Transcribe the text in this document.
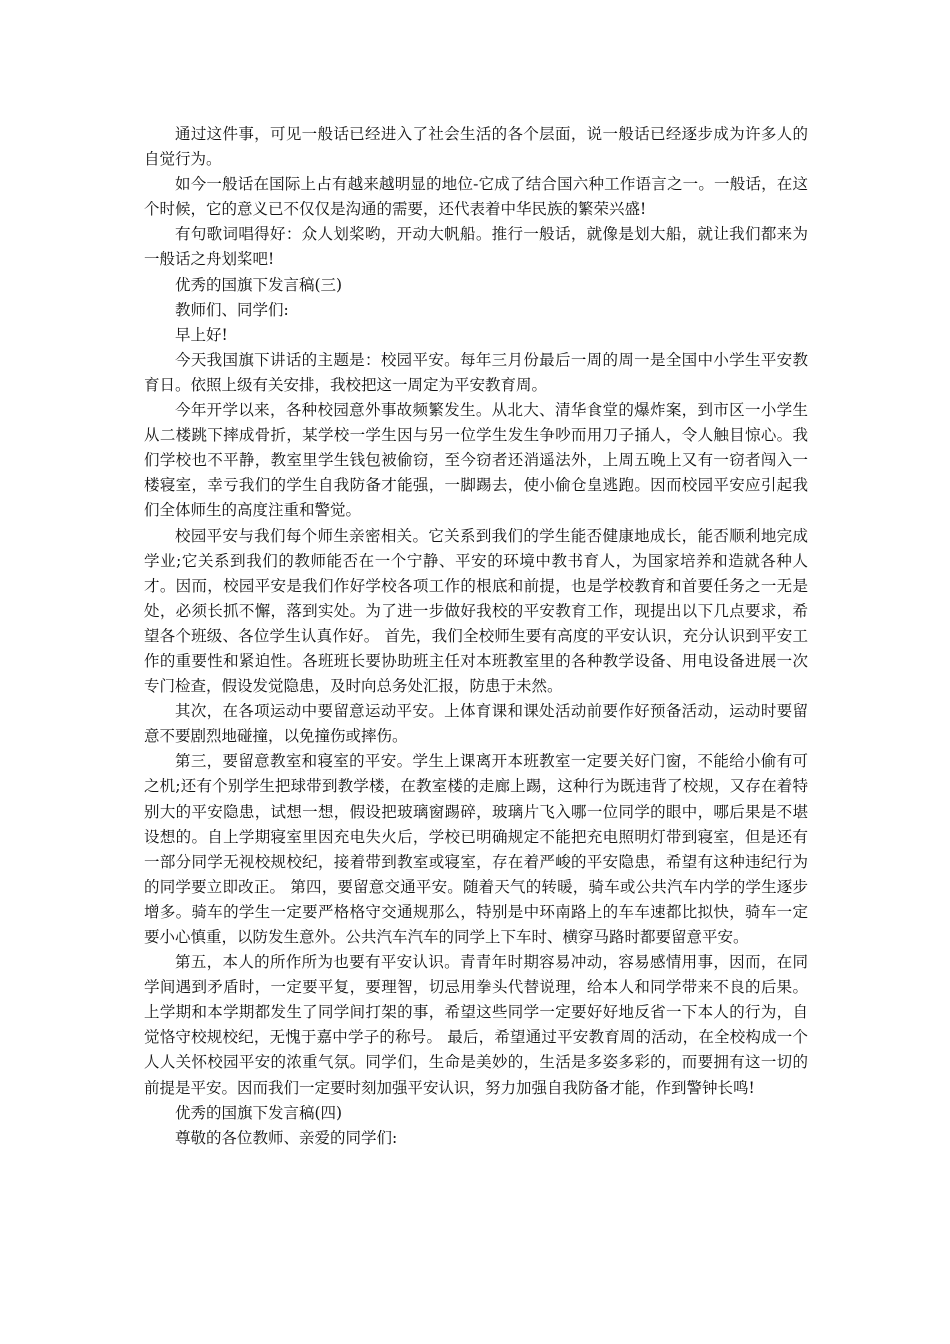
通过这件事，可见一般话已经进入了社会生活的各个层面，说一般话已经逐步成为许多人的自觉行为。

如今一般话在国际上占有越来越明显的地位-它成了结合国六种工作语言之一。一般话，在这个时候，它的意义已不仅仅是沟通的需要，还代表着中华民族的繁荣兴盛!

有句歌词唱得好：众人划桨哟，开动大帆船。推行一般话，就像是划大船，就让我们都来为一般话之舟划桨吧!

优秀的国旗下发言稿(三)

教师们、同学们:

早上好!

今天我国旗下讲话的主题是：校园平安。每年三月份最后一周的周一是全国中小学生平安教育日。依照上级有关安排，我校把这一周定为平安教育周。

今年开学以来，各种校园意外事故频繁发生。从北大、清华食堂的爆炸案，到市区一小学生从二楼跳下摔成骨折，某学校一学生因与另一位学生发生争吵而用刀子捅人，令人触目惊心。我们学校也不平静，教室里学生钱包被偷窃，至今窃者还消遥法外，上周五晚上又有一窃者闯入一楼寝室，幸亏我们的学生自我防备才能强，一脚踢去，使小偷仓皇逃跑。因而校园平安应引起我们全体师生的高度注重和警觉。

校园平安与我们每个师生亲密相关。它关系到我们的学生能否健康地成长，能否顺利地完成学业;它关系到我们的教师能否在一个宁静、平安的环境中教书育人，为国家培养和造就各种人才。因而，校园平安是我们作好学校各项工作的根底和前提，也是学校教育和首要任务之一无是处，必须长抓不懈，落到实处。为了进一步做好我校的平安教育工作，现提出以下几点要求，希望各个班级、各位学生认真作好。 首先，我们全校师生要有高度的平安认识，充分认识到平安工作的重要性和紧迫性。各班班长要协助班主任对本班教室里的各种教学设备、用电设备进展一次专门检查，假设发觉隐患，及时向总务处汇报，防患于未然。

其次，在各项运动中要留意运动平安。上体育课和课处活动前要作好预备活动，运动时要留意不要剧烈地碰撞，以免撞伤或摔伤。

第三，要留意教室和寝室的平安。学生上课离开本班教室一定要关好门窗，不能给小偷有可之机;还有个别学生把球带到教学楼，在教室楼的走廊上踢，这种行为既违背了校规，又存在着特别大的平安隐患，试想一想，假设把玻璃窗踢碎，玻璃片飞入哪一位同学的眼中，哪后果是不堪设想的。自上学期寝室里因充电失火后，学校已明确规定不能把充电照明灯带到寝室，但是还有一部分同学无视校规校纪，接着带到教室或寝室，存在着严峻的平安隐患，希望有这种违纪行为的同学要立即改正。 第四，要留意交通平安。随着天气的转暖，骑车或公共汽车内学的学生逐步增多。骑车的学生一定要严格格守交通规那么，特别是中环南路上的车车速都比拟快，骑车一定要小心慎重，以防发生意外。公共汽车汽车的同学上下车时、横穿马路时都要留意平安。

第五，本人的所作所为也要有平安认识。青青年时期容易冲动，容易感情用事，因而，在同学间遇到矛盾时，一定要平复，要理智，切忌用拳头代替说理，给本人和同学带来不良的后果。上学期和本学期都发生了同学间打架的事，希望这些同学一定要好好地反省一下本人的行为，自觉恪守校规校纪，无愧于嘉中学子的称号。 最后，希望通过平安教育周的活动，在全校构成一个人人关怀校园平安的浓重气氛。同学们，生命是美妙的，生活是多姿多彩的，而要拥有这一切的前提是平安。因而我们一定要时刻加强平安认识，努力加强自我防备才能，作到警钟长鸣!

优秀的国旗下发言稿(四)

尊敬的各位教师、亲爱的同学们:
